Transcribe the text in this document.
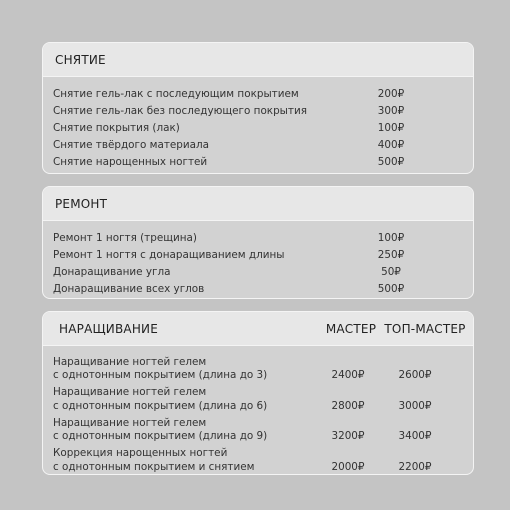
СНЯТИЕ
Снятие гель-лак с последующим покрытием	200₽
Снятие гель-лак без последующего покрытия	300₽
Снятие покрытия (лак)	100₽
Снятие твёрдого материала	400₽
Снятие нарощенных ногтей	500₽
РЕМОНТ
Ремонт 1 ногтя (трещина)	100₽
Ремонт 1 ногтя с донаращиванием длины	250₽
Донаращивание угла	50₽
Донаращивание всех углов	500₽
НАРАЩИВАНИЕ	МАСТЕР ТОП-МАСТЕР
Наращивание ногтей гелем
с однотонным покрытием (длина до 3)	2400₽	2600₽
Наращивание ногтей гелем
с однотонным покрытием (длина до 6)	2800₽	3000₽
Наращивание ногтей гелем
с однотонным покрытием (длина до 9)	3200₽	3400₽
Коррекция нарощенных ногтей
с однотонным покрытием и снятием	2000₽	2200₽
